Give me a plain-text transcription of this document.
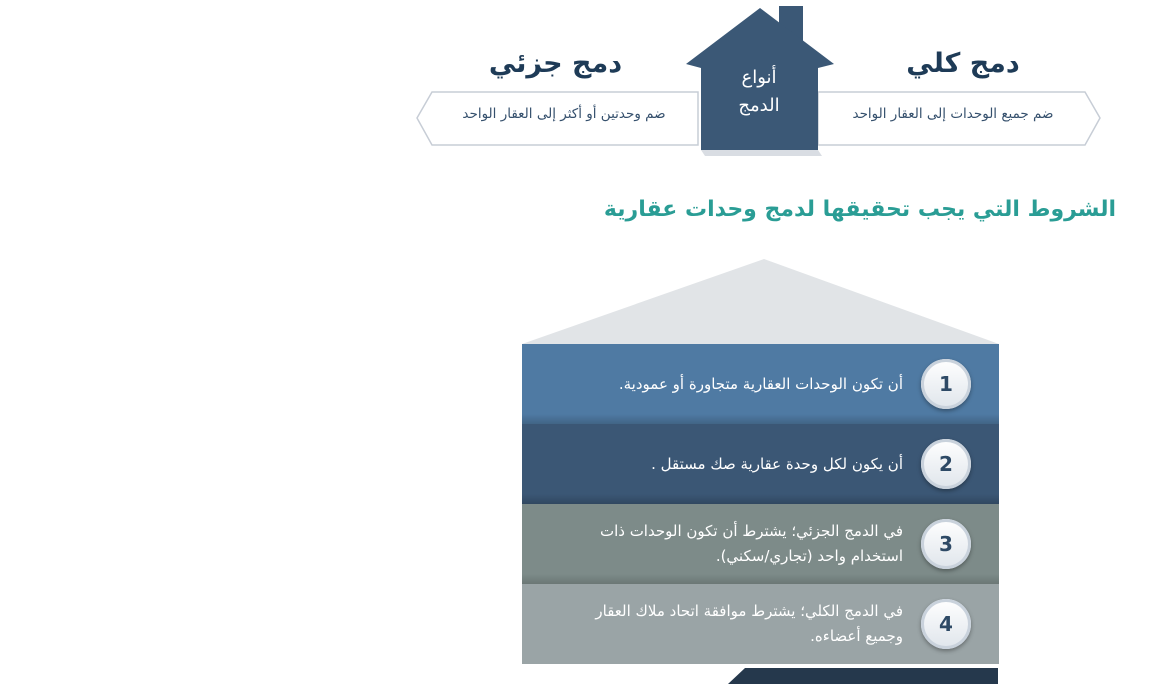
أنواع
الدمج
دمج كلي
دمج جزئي
ضم جميع الوحدات إلى العقار الواحد
ضم وحدتين أو أكثر إلى العقار الواحد
الشروط التي يجب تحقيقها لدمج وحدات عقارية
أن تكون الوحدات العقارية متجاورة أو عمودية.	1
أن يكون لكل وحدة عقارية صك مستقل .	2
في الدمج الجزئي؛ يشترط أن تكون الوحدات ذات استخدام واحد (تجاري/سكني).	3
في الدمج الكلي؛ يشترط موافقة اتحاد ملاك العقار وجميع أعضاءه.	4
